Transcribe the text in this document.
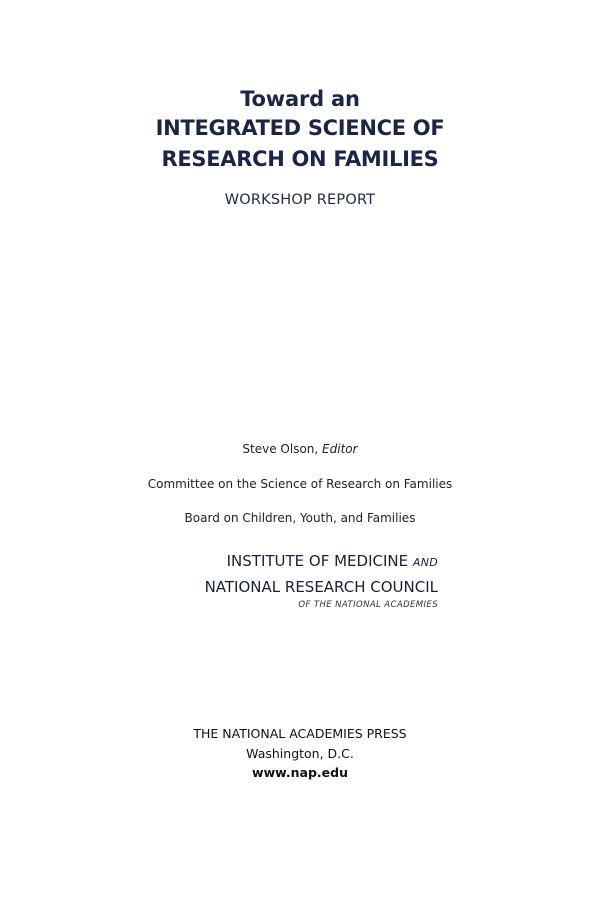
Toward an
INTEGRATED SCIENCE OF
RESEARCH ON FAMILIES
WORKSHOP REPORT
Steve Olson, Editor
Committee on the Science of Research on Families
Board on Children, Youth, and Families
INSTITUTE OF MEDICINE AND
NATIONAL RESEARCH COUNCIL
OF THE NATIONAL ACADEMIES
THE NATIONAL ACADEMIES PRESS
Washington, D.C.
www.nap.edu
